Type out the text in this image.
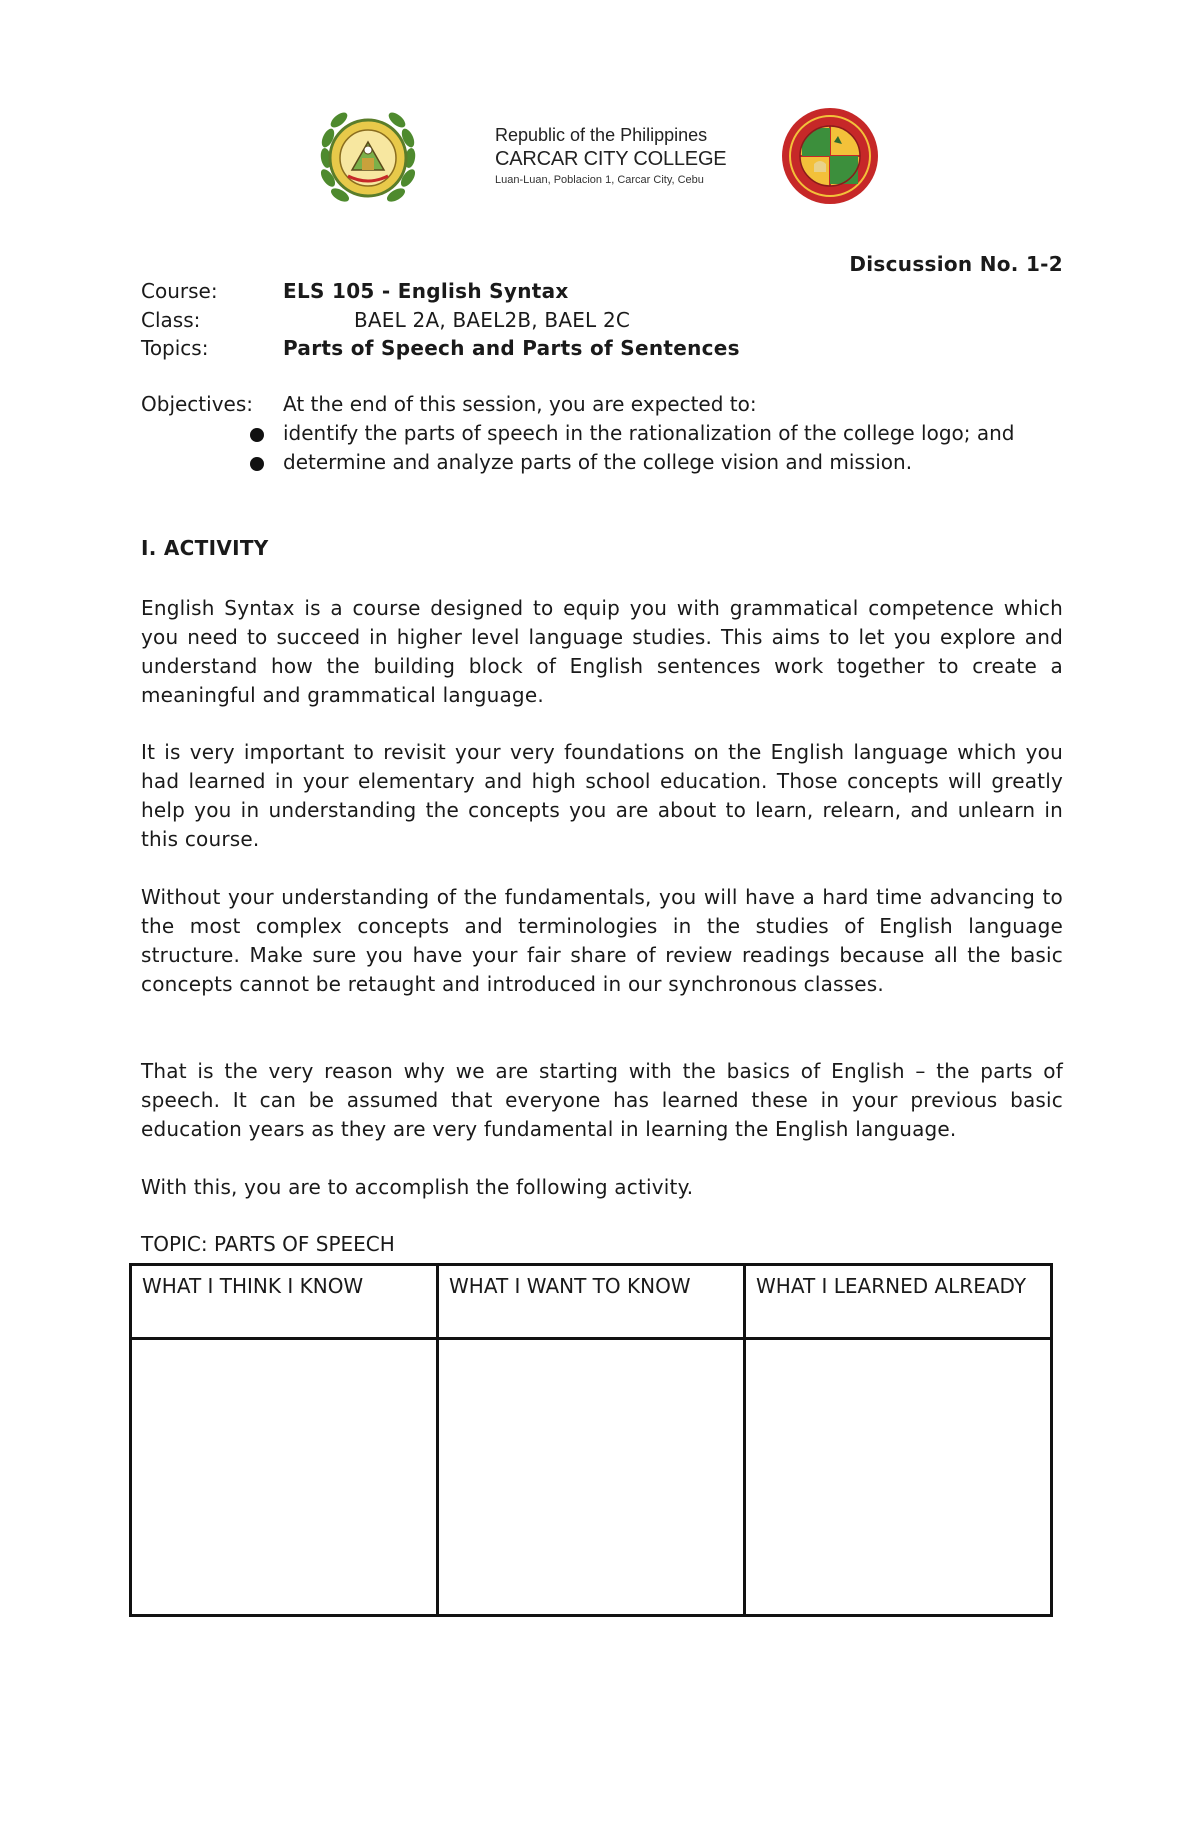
Republic of the Philippines
CARCAR CITY COLLEGE
Luan-Luan, Poblacion 1, Carcar City, Cebu
Discussion No. 1-2
Course:	ELS 105 - English Syntax
Class:	BAEL 2A, BAEL2B, BAEL 2C
Topics:	Parts of Speech and Parts of Sentences
Objectives: At the end of this session, you are expected to:
identify the parts of speech in the rationalization of the college logo; and
determine and analyze parts of the college vision and mission.
I. ACTIVITY

English Syntax is a course designed to equip you with grammatical competence which you need to succeed in higher level language studies. This aims to let you explore and understand how the building block of English sentences work together to create a meaningful and grammatical language.

It is very important to revisit your very foundations on the English language which you had learned in your elementary and high school education. Those concepts will greatly help you in understanding the concepts you are about to learn, relearn, and unlearn in this course.

Without your understanding of the fundamentals, you will have a hard time advancing to the most complex concepts and terminologies in the studies of English language structure. Make sure you have your fair share of review readings because all the basic concepts cannot be retaught and introduced in our synchronous classes.

That is the very reason why we are starting with the basics of English – the parts of speech. It can be assumed that everyone has learned these in your previous basic education years as they are very fundamental in learning the English language.

With this, you are to accomplish the following activity.

TOPIC: PARTS OF SPEECH
WHAT I THINK I KNOW	WHAT I WANT TO KNOW	WHAT I LEARNED ALREADY
